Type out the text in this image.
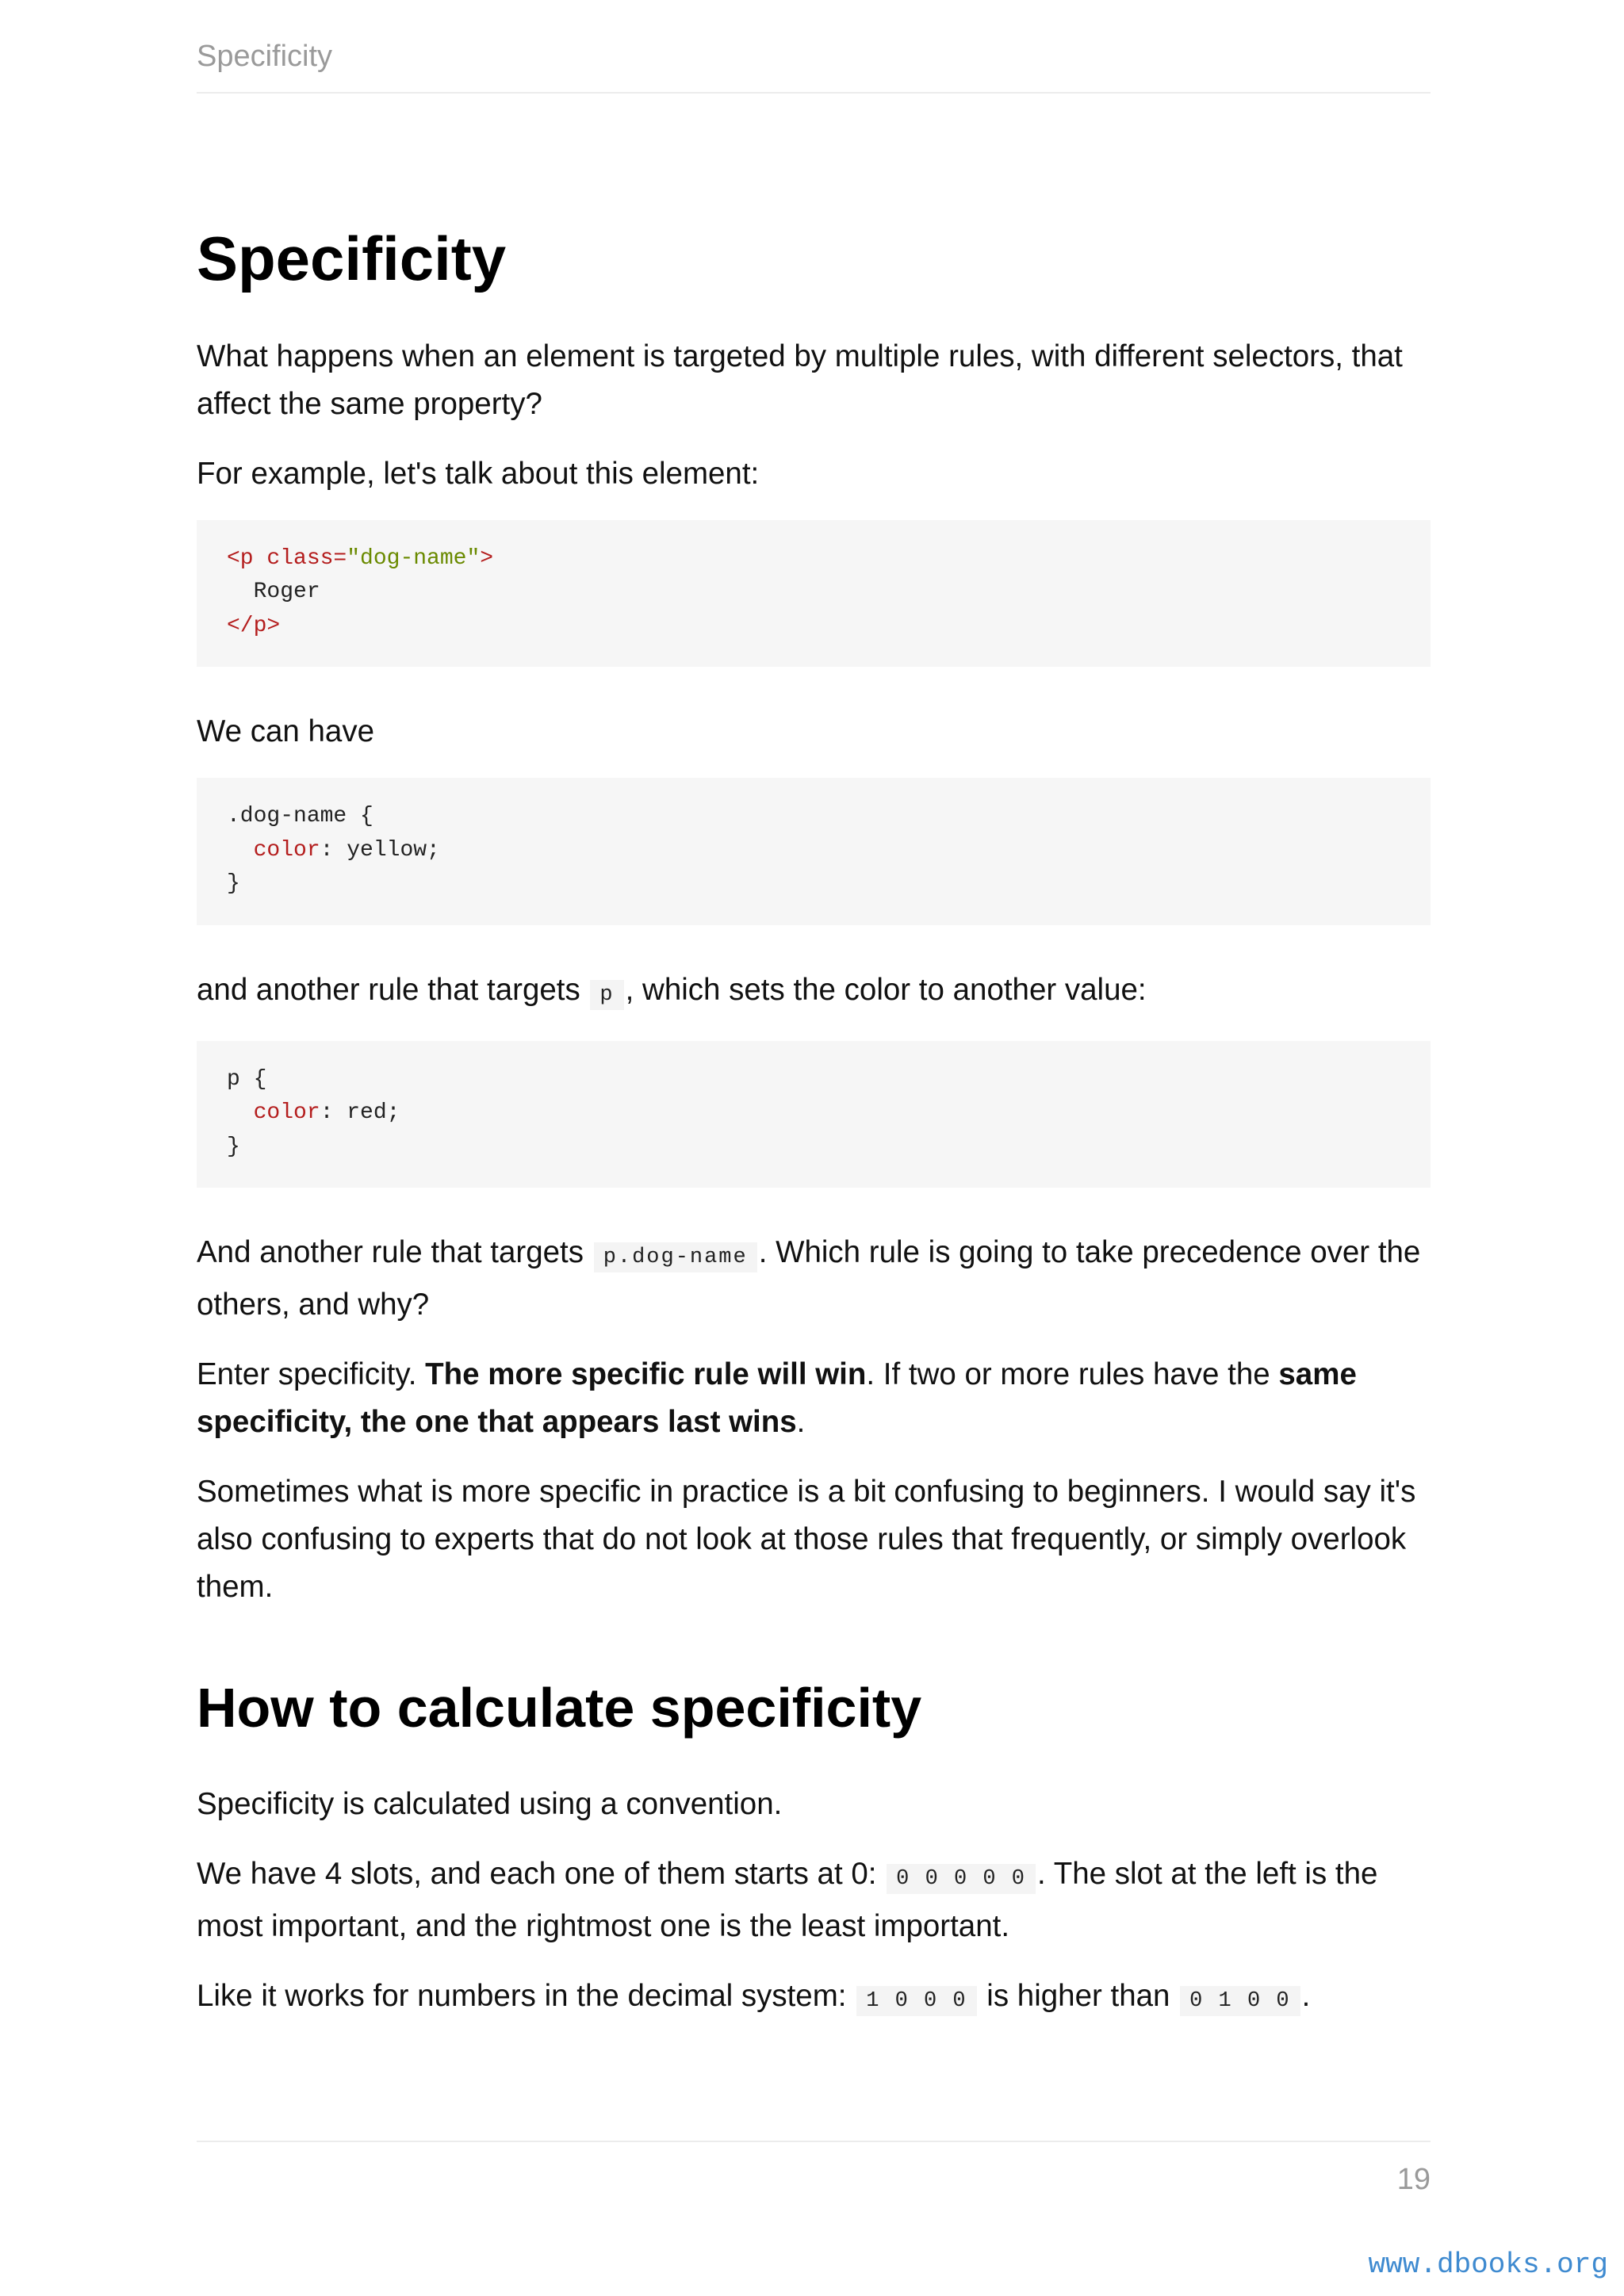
Specificity
Specificity

What happens when an element is targeted by multiple rules, with different selectors, that affect the same property?

For example, let's talk about this element:

<p class="dog-name">
Roger
</p>

We can have

.dog-name {
color: yellow;
}

and another rule that targets p , which sets the color to another value:

p {
color: red;
}

And another rule that targets p.dog-name . Which rule is going to take precedence over the others, and why?

Enter specificity. The more specific rule will win. If two or more rules have the same specificity, the one that appears last wins.

Sometimes what is more specific in practice is a bit confusing to beginners. I would say it's also confusing to experts that do not look at those rules that frequently, or simply overlook them.

How to calculate specificity

Specificity is calculated using a convention.

We have 4 slots, and each one of them starts at 0: 0 0 0 0 0 . The slot at the left is the most important, and the rightmost one is the least important.

Like it works for numbers in the decimal system: 1 0 0 0 is higher than 0 1 0 0 .

19
www.dbooks.org
